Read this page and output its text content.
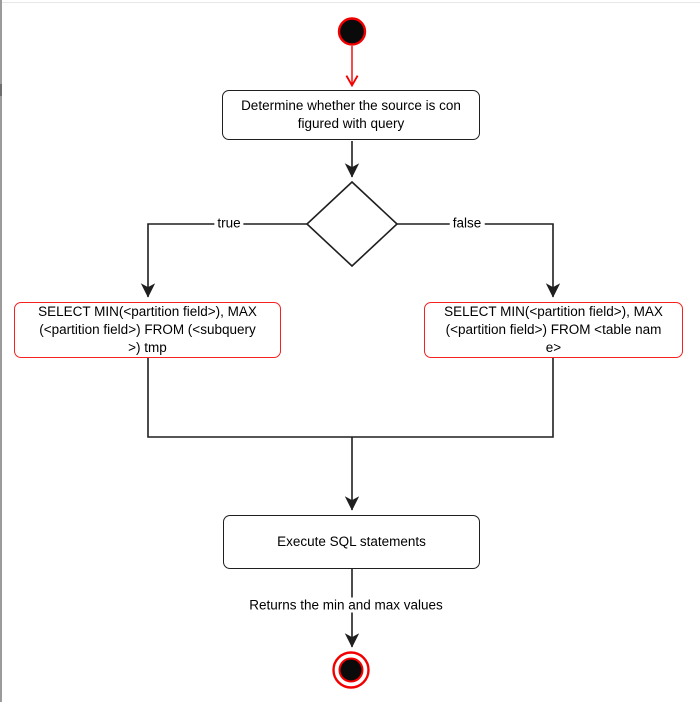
Determine whether the source is con
figured with query
true	false
SELECT MIN(<partition field>), MAX
(<partition field>) FROM (<subquery
>) tmp
SELECT MIN(<partition field>), MAX
(<partition field>) FROM <table nam
e>
Execute SQL statements
Returns the min and max values
